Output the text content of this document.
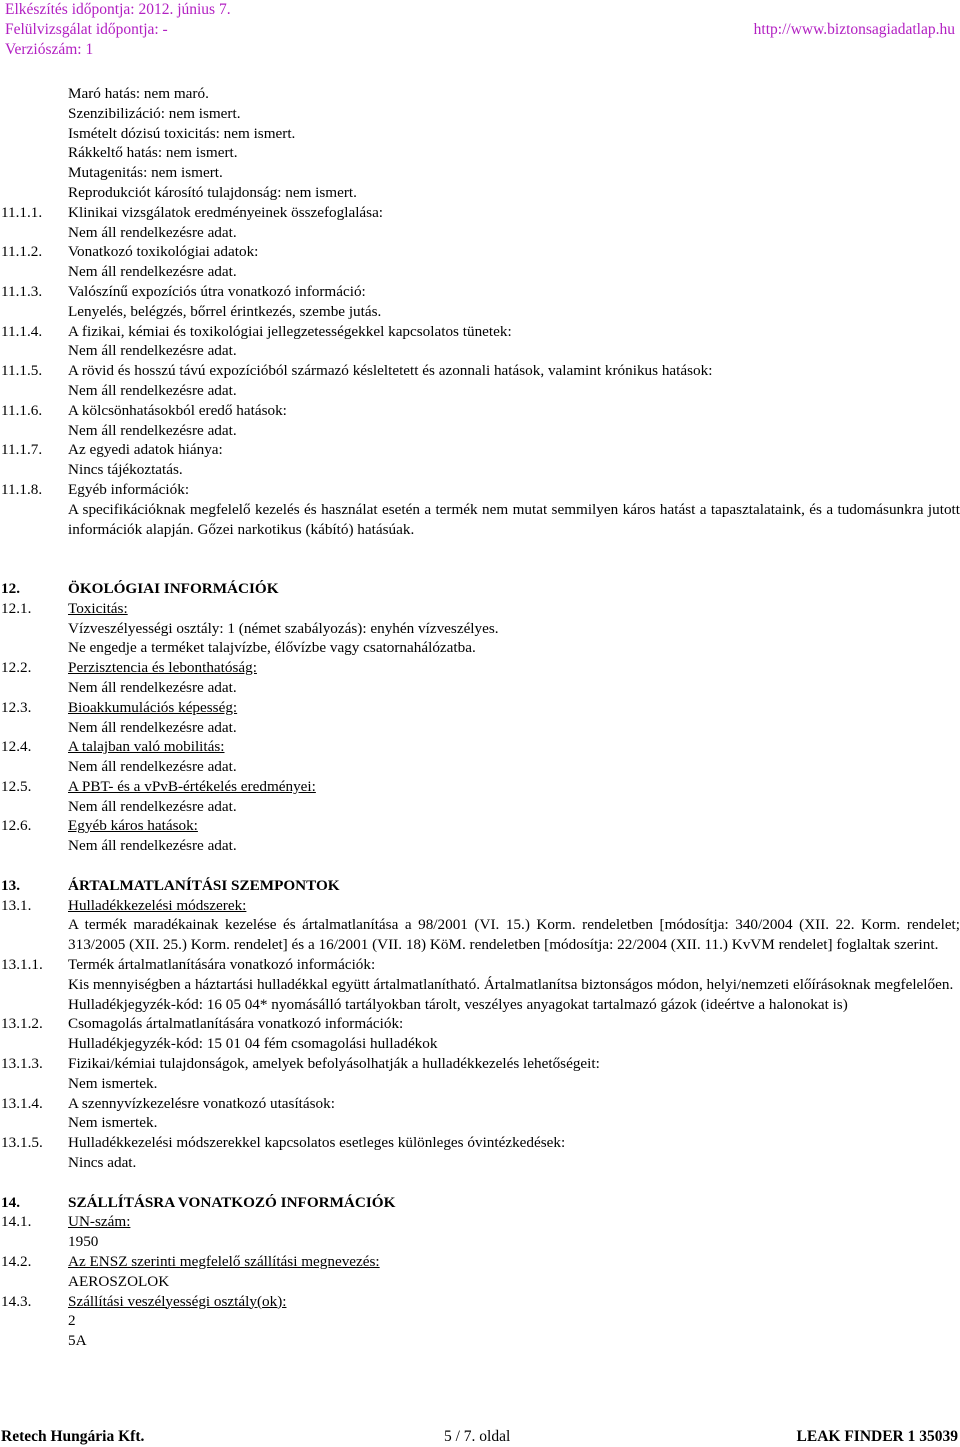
Elkészítés időpontja: 2012. június 7.
Felülvizsgálat időpontja: -
Verziószám: 1
http://www.biztonsagiadatlap.hu
Maró hatás: nem maró.
Szenzibilizáció: nem ismert.
Ismételt dózisú toxicitás: nem ismert.
Rákkeltő hatás: nem ismert.
Mutagenitás: nem ismert.
Reprodukciót károsító tulajdonság: nem ismert.
11.1.1.	Klinikai vizsgálatok eredményeinek összefoglalása:
Nem áll rendelkezésre adat.
11.1.2.	Vonatkozó toxikológiai adatok:
Nem áll rendelkezésre adat.
11.1.3.	Valószínű expozíciós útra vonatkozó információ:
Lenyelés, belégzés, bőrrel érintkezés, szembe jutás.
11.1.4.	A fizikai, kémiai és toxikológiai jellegzetességekkel kapcsolatos tünetek:
Nem áll rendelkezésre adat.
11.1.5.	A rövid és hosszú távú expozícióból származó késleltetett és azonnali hatások, valamint krónikus hatások:
Nem áll rendelkezésre adat.
11.1.6.	A kölcsönhatásokból eredő hatások:
Nem áll rendelkezésre adat.
11.1.7.	Az egyedi adatok hiánya:
Nincs tájékoztatás.
11.1.8.	Egyéb információk:
A specifikációknak megfelelő kezelés és használat esetén a termék nem mutat semmilyen káros hatást a tapasztalataink, és a tudomásunkra jutott információk alapján. Gőzei narkotikus (kábító) hatásúak.
12.	ÖKOLÓGIAI INFORMÁCIÓK
12.1.	Toxicitás:
Vízveszélyességi osztály: 1 (német szabályozás): enyhén vízveszélyes.
Ne engedje a terméket talajvízbe, élővízbe vagy csatornahálózatba.
12.2.	Perzisztencia és lebonthatóság:
Nem áll rendelkezésre adat.
12.3.	Bioakkumulációs képesség:
Nem áll rendelkezésre adat.
12.4.	A talajban való mobilitás:
Nem áll rendelkezésre adat.
12.5.	A PBT- és a vPvB-értékelés eredményei:
Nem áll rendelkezésre adat.
12.6.	Egyéb káros hatások:
Nem áll rendelkezésre adat.
13.	ÁRTALMATLANÍTÁSI SZEMPONTOK
13.1.	Hulladékkezelési módszerek:
A termék maradékainak kezelése és ártalmatlanítása a 98/2001 (VI. 15.) Korm. rendeletben [módosítja: 340/2004 (XII. 22. Korm. rendelet; 313/2005 (XII. 25.) Korm. rendelet] és a 16/2001 (VII. 18) KöM. rendeletben [módosítja: 22/2004 (XII. 11.) KvVM rendelet] foglaltak szerint.
13.1.1.	Termék ártalmatlanítására vonatkozó információk:
Kis mennyiségben a háztartási hulladékkal együtt ártalmatlanítható. Ártalmatlanítsa biztonságos módon, helyi/nemzeti előírásoknak megfelelően.
Hulladékjegyzék-kód: 16 05 04* nyomásálló tartályokban tárolt, veszélyes anyagokat tartalmazó gázok (ideértve a halonokat is)
13.1.2.	Csomagolás ártalmatlanítására vonatkozó információk:
Hulladékjegyzék-kód: 15 01 04 fém csomagolási hulladékok
13.1.3.	Fizikai/kémiai tulajdonságok, amelyek befolyásolhatják a hulladékkezelés lehetőségeit:
Nem ismertek.
13.1.4.	A szennyvízkezelésre vonatkozó utasítások:
Nem ismertek.
13.1.5.	Hulladékkezelési módszerekkel kapcsolatos esetleges különleges óvintézkedések:
Nincs adat.
14.	SZÁLLÍTÁSRA VONATKOZÓ INFORMÁCIÓK
14.1.	UN-szám:
1950
14.2.	Az ENSZ szerinti megfelelő szállítási megnevezés:
AEROSZOLOK
14.3.	Szállítási veszélyességi osztály(ok):
2
5A
Retech Hungária Kft.	5 / 7. oldal	LEAK FINDER 1 35039
